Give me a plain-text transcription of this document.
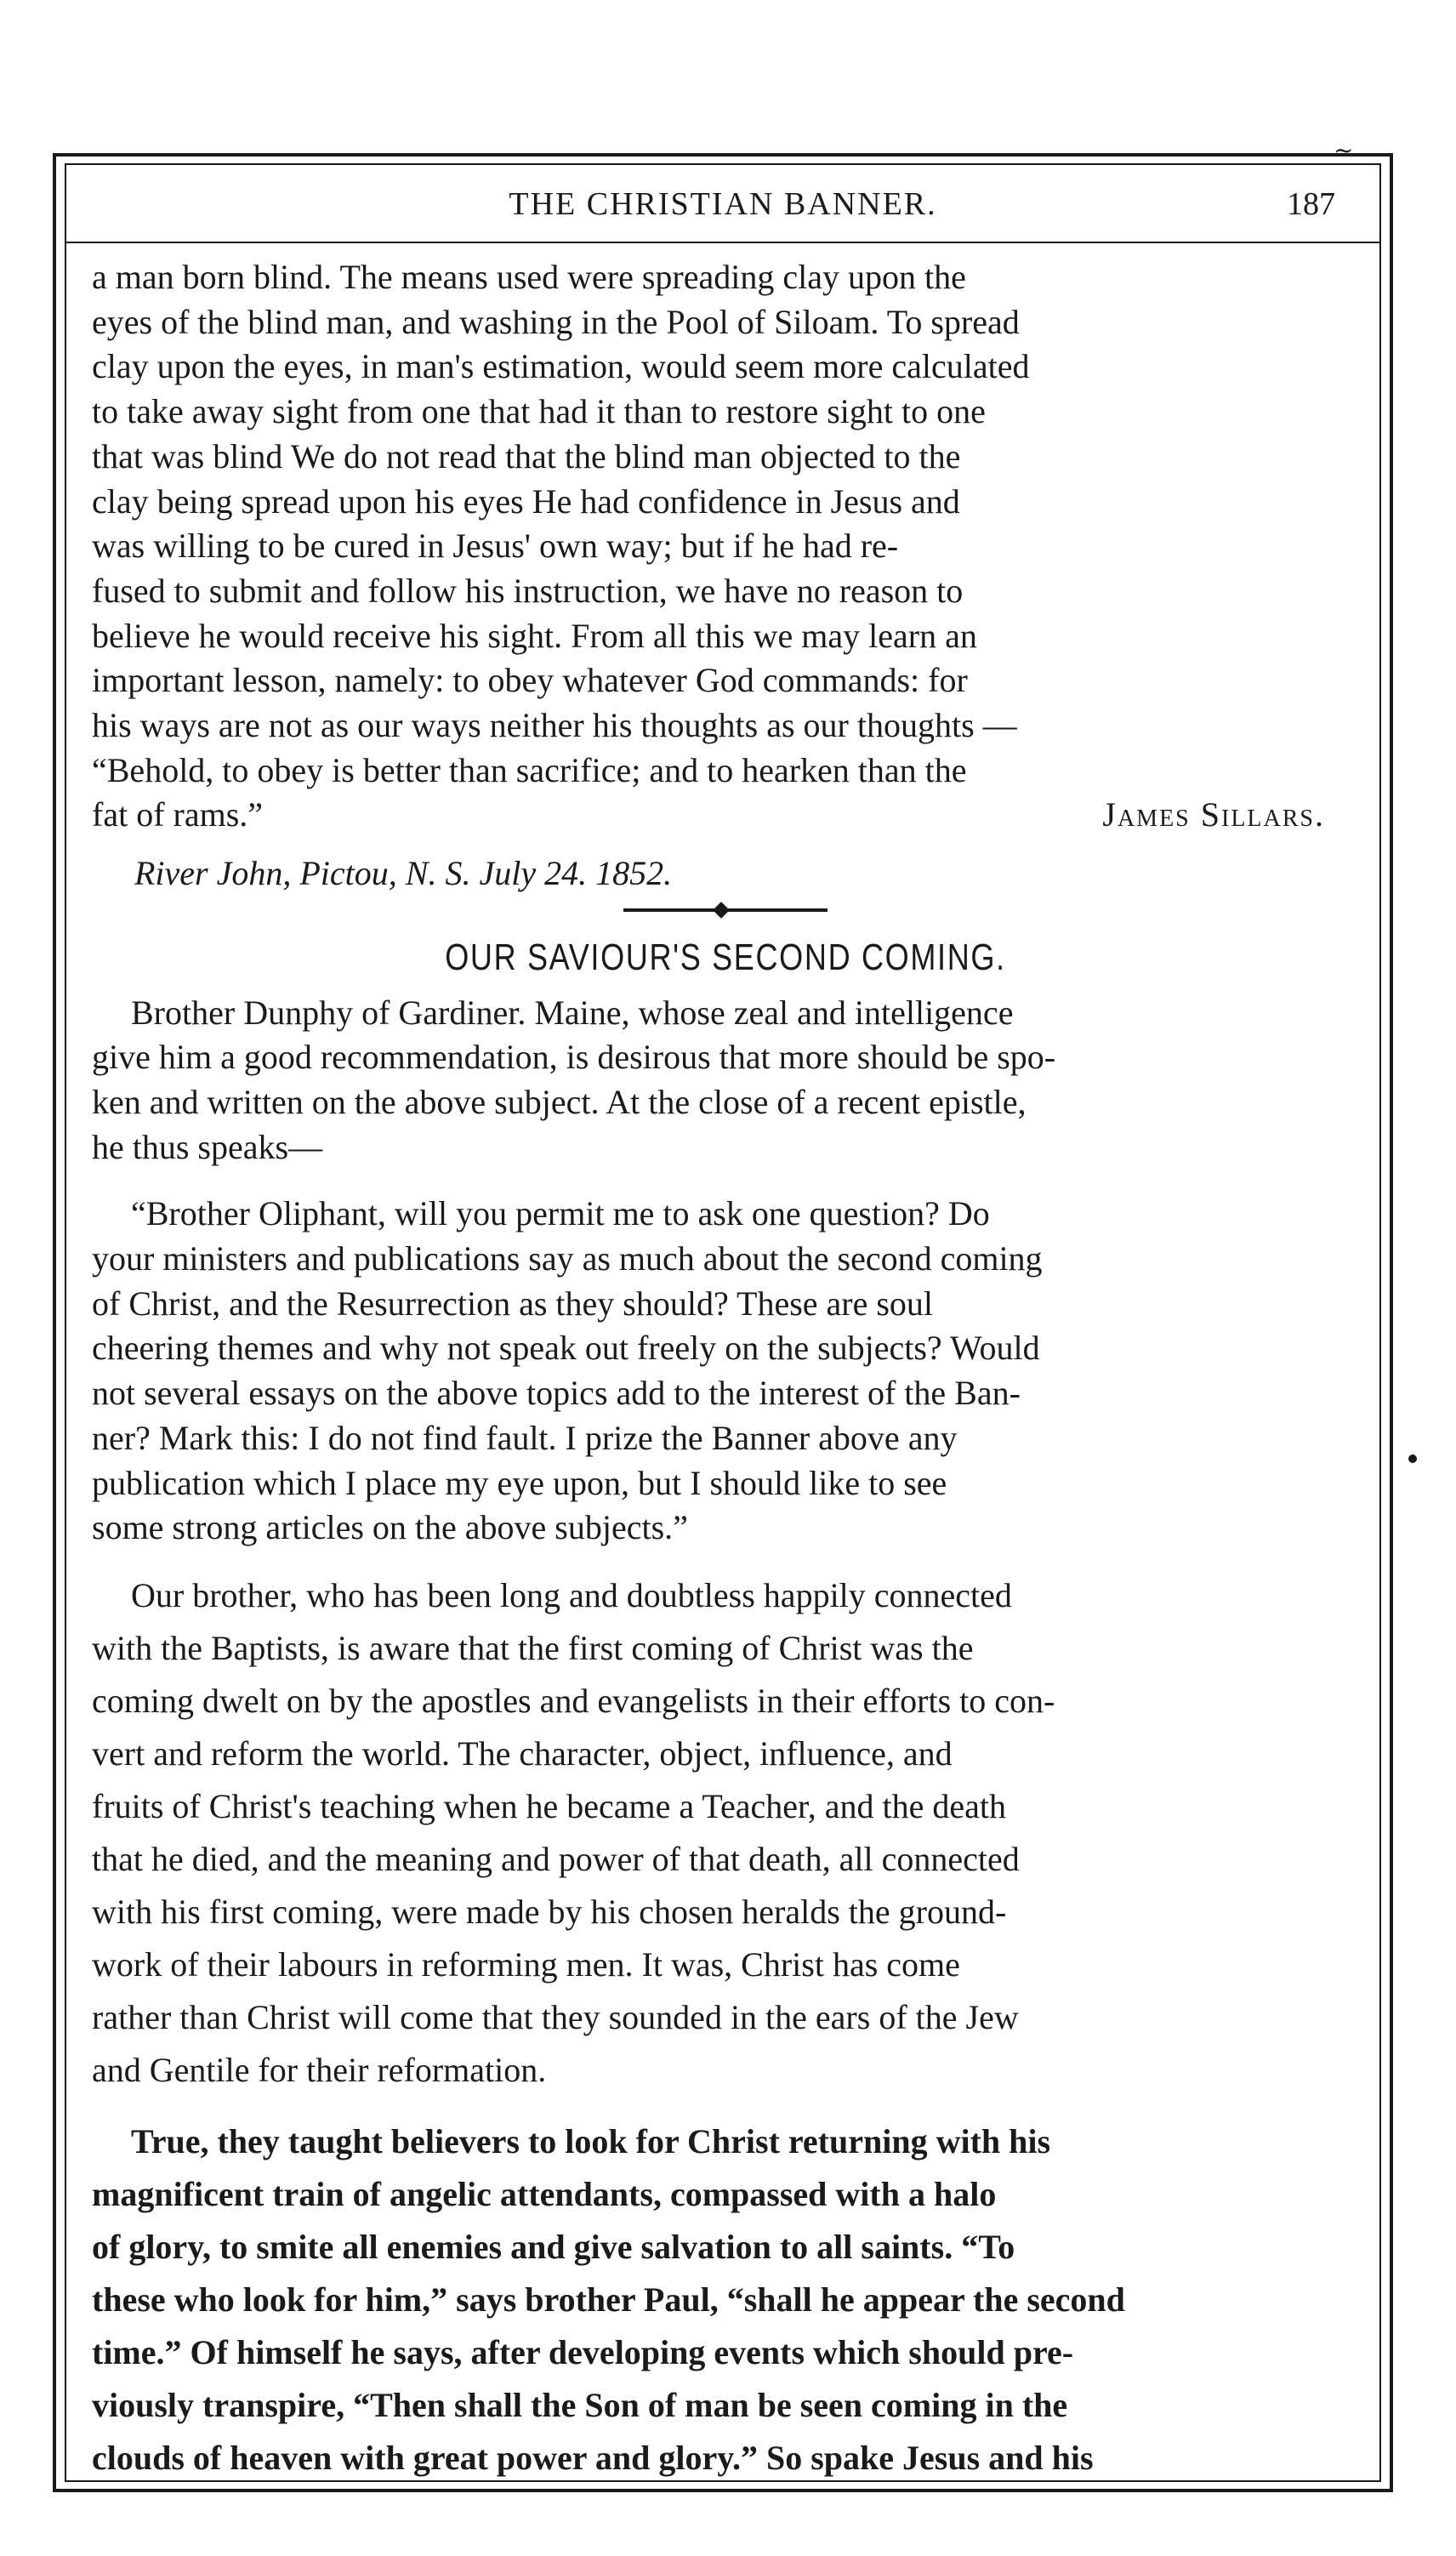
~
THE CHRISTIAN BANNER.	187

a man born blind. The means used were spreading clay upon the

eyes of the blind man, and washing in the Pool of Siloam. To spread

clay upon the eyes, in man's estimation, would seem more calculated

to take away sight from one that had it than to restore sight to one

that was blind We do not read that the blind man objected to the

clay being spread upon his eyes He had confidence in Jesus and

was willing to be cured in Jesus' own way; but if he had re-

fused to submit and follow his instruction, we have no reason to

believe he would receive his sight. From all this we may learn an

important lesson, namely: to obey whatever God commands: for

his ways are not as our ways neither his thoughts as our thoughts —

“Behold, to obey is better than sacrifice; and to hearken than the

fat of rams.”	James Sillars.

River John, Pictou, N. S. July 24. 1852.

OUR SAVIOUR'S SECOND COMING.

Brother Dunphy of Gardiner. Maine, whose zeal and intelligence

give him a good recommendation, is desirous that more should be spo-

ken and written on the above subject. At the close of a recent epistle,

he thus speaks—

“Brother Oliphant, will you permit me to ask one question? Do

your ministers and publications say as much about the second coming

of Christ, and the Resurrection as they should? These are soul

cheering themes and why not speak out freely on the subjects? Would

not several essays on the above topics add to the interest of the Ban-

ner? Mark this: I do not find fault. I prize the Banner above any

publication which I place my eye upon, but I should like to see

some strong articles on the above subjects.”

Our brother, who has been long and doubtless happily connected

with the Baptists, is aware that the first coming of Christ was the

coming dwelt on by the apostles and evangelists in their efforts to con-

vert and reform the world. The character, object, influence, and

fruits of Christ's teaching when he became a Teacher, and the death

that he died, and the meaning and power of that death, all connected

with his first coming, were made by his chosen heralds the ground-

work of their labours in reforming men. It was, Christ has come

rather than Christ will come that they sounded in the ears of the Jew

and Gentile for their reformation.

True, they taught believers to look for Christ returning with his

magnificent train of angelic attendants, compassed with a halo

of glory, to smite all enemies and give salvation to all saints. “To

these who look for him,” says brother Paul, “shall he appear the second

time.” Of himself he says, after developing events which should pre-

viously transpire, “Then shall the Son of man be seen coming in the

clouds of heaven with great power and glory.” So spake Jesus and his
